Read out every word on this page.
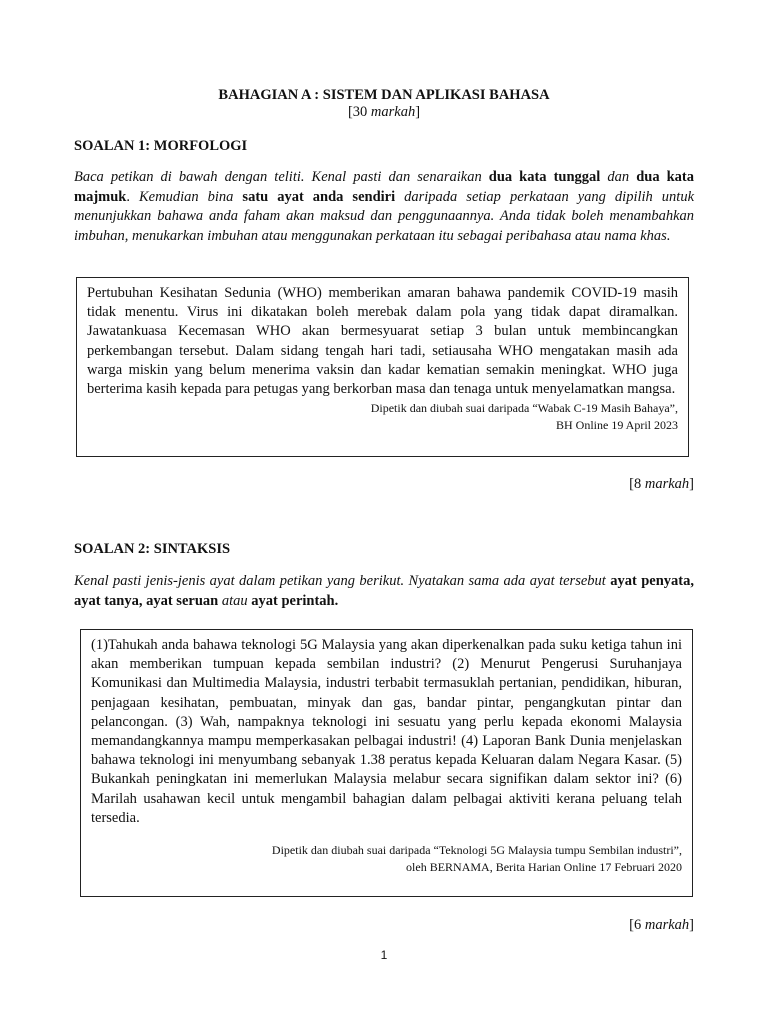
BAHAGIAN A : SISTEM DAN APLIKASI BAHASA
[30 markah]
SOALAN 1: MORFOLOGI
Baca petikan di bawah dengan teliti. Kenal pasti dan senaraikan dua kata tunggal dan dua kata majmuk. Kemudian bina satu ayat anda sendiri daripada setiap perkataan yang dipilih untuk menunjukkan bahawa anda faham akan maksud dan penggunaannya. Anda tidak boleh menambahkan imbuhan, menukarkan imbuhan atau menggunakan perkataan itu sebagai peribahasa atau nama khas.

Pertubuhan Kesihatan Sedunia (WHO) memberikan amaran bahawa pandemik COVID-19 masih tidak menentu. Virus ini dikatakan boleh merebak dalam pola yang tidak dapat diramalkan. Jawatankuasa Kecemasan WHO akan bermesyuarat setiap 3 bulan untuk membincangkan perkembangan tersebut. Dalam sidang tengah hari tadi, setiausaha WHO mengatakan masih ada warga miskin yang belum menerima vaksin dan kadar kematian semakin meningkat. WHO juga berterima kasih kepada para petugas yang berkorban masa dan tenaga untuk menyelamatkan mangsa.

Dipetik dan diubah suai daripada “Wabak C-19 Masih Bahaya”,
BH Online 19 April 2023
[8 markah]
SOALAN 2: SINTAKSIS
Kenal pasti jenis-jenis ayat dalam petikan yang berikut. Nyatakan sama ada ayat tersebut ayat penyata, ayat tanya, ayat seruan atau ayat perintah.

(1)Tahukah anda bahawa teknologi 5G Malaysia yang akan diperkenalkan pada suku ketiga tahun ini akan memberikan tumpuan kepada sembilan industri? (2) Menurut Pengerusi Suruhanjaya Komunikasi dan Multimedia Malaysia, industri terbabit termasuklah pertanian, pendidikan, hiburan, penjagaan kesihatan, pembuatan, minyak dan gas, bandar pintar, pengangkutan pintar dan pelancongan. (3) Wah, nampaknya teknologi ini sesuatu yang perlu kepada ekonomi Malaysia memandangkannya mampu memperkasakan pelbagai industri! (4) Laporan Bank Dunia menjelaskan bahawa teknologi ini menyumbang sebanyak 1.38 peratus kepada Keluaran dalam Negara Kasar. (5) Bukankah peningkatan ini memerlukan Malaysia melabur secara signifikan dalam sektor ini? (6) Marilah usahawan kecil untuk mengambil bahagian dalam pelbagai aktiviti kerana peluang telah tersedia.

Dipetik dan diubah suai daripada “Teknologi 5G Malaysia tumpu Sembilan industri”,
oleh BERNAMA, Berita Harian Online 17 Februari 2020
[6 markah]
1
